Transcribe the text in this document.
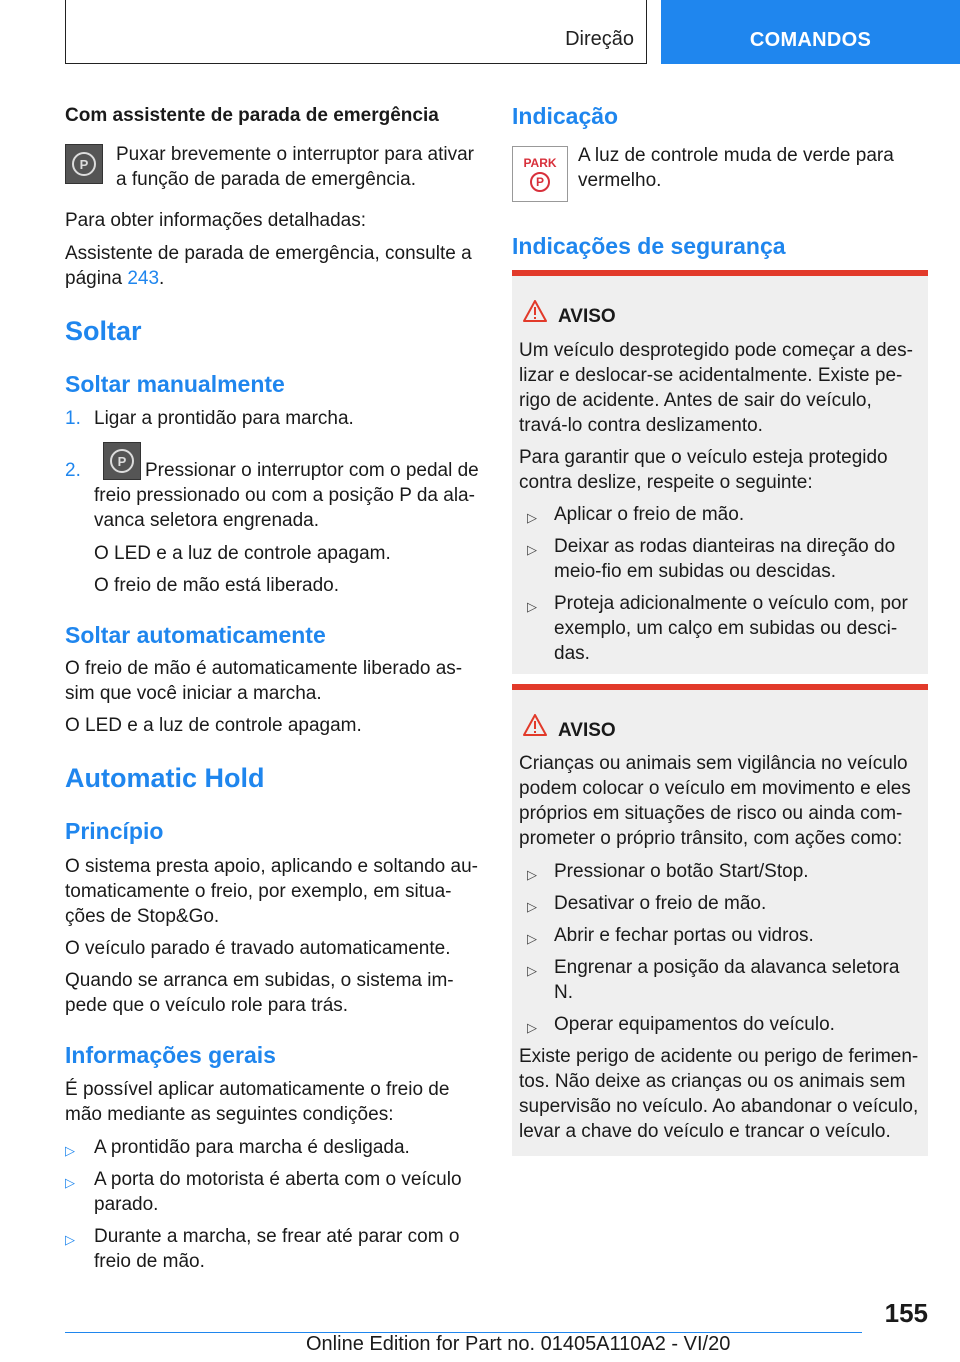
Direção	COMANDOS
Com assistente de parada de emergência
P	Puxar brevemente o interruptor para ativar
a função de parada de emergência.
Para obter informações detalhadas:
Assistente de parada de emergência, consulte a
página 243.
Soltar
Soltar manualmente
1. Ligar a prontidão para marcha.
2.	P Pressionar o interruptor com o pedal de
freio pressionado ou com a posição P da ala-
vanca seletora engrenada.
O LED e a luz de controle apagam.
O freio de mão está liberado.
Soltar automaticamente
O freio de mão é automaticamente liberado as-
sim que você iniciar a marcha.
O LED e a luz de controle apagam.
Automatic Hold
Princípio
O sistema presta apoio, aplicando e soltando au-
tomaticamente o freio, por exemplo, em situa-
ções de Stop&Go.
O veículo parado é travado automaticamente.
Quando se arranca em subidas, o sistema im-
pede que o veículo role para trás.
Informações gerais
É possível aplicar automaticamente o freio de
mão mediante as seguintes condições:
▷ A prontidão para marcha é desligada.
▷ A porta do motorista é aberta com o veículo
parado.
▷ Durante a marcha, se frear até parar com o
freio de mão.
Indicação
PARK
P
A luz de controle muda de verde para
vermelho.
Indicações de segurança
AVISO
Um veículo desprotegido pode começar a des-
lizar e deslocar-se acidentalmente. Existe pe-
rigo de acidente. Antes de sair do veículo,
travá-lo contra deslizamento.
Para garantir que o veículo esteja protegido
contra deslize, respeite o seguinte:
▷ Aplicar o freio de mão.
▷ Deixar as rodas dianteiras na direção do
meio-fio em subidas ou descidas.
▷ Proteja adicionalmente o veículo com, por
exemplo, um calço em subidas ou desci-
das.
AVISO
Crianças ou animais sem vigilância no veículo
podem colocar o veículo em movimento e eles
próprios em situações de risco ou ainda com-
prometer o próprio trânsito, com ações como:
▷ Pressionar o botão Start/Stop.
▷ Desativar o freio de mão.
▷ Abrir e fechar portas ou vidros.
▷ Engrenar a posição da alavanca seletora
N.
▷ Operar equipamentos do veículo.
Existe perigo de acidente ou perigo de ferimen-
tos. Não deixe as crianças ou os animais sem
supervisão no veículo. Ao abandonar o veículo,
levar a chave do veículo e trancar o veículo.
155
Online Edition for Part no. 01405A110A2 - VI/20
